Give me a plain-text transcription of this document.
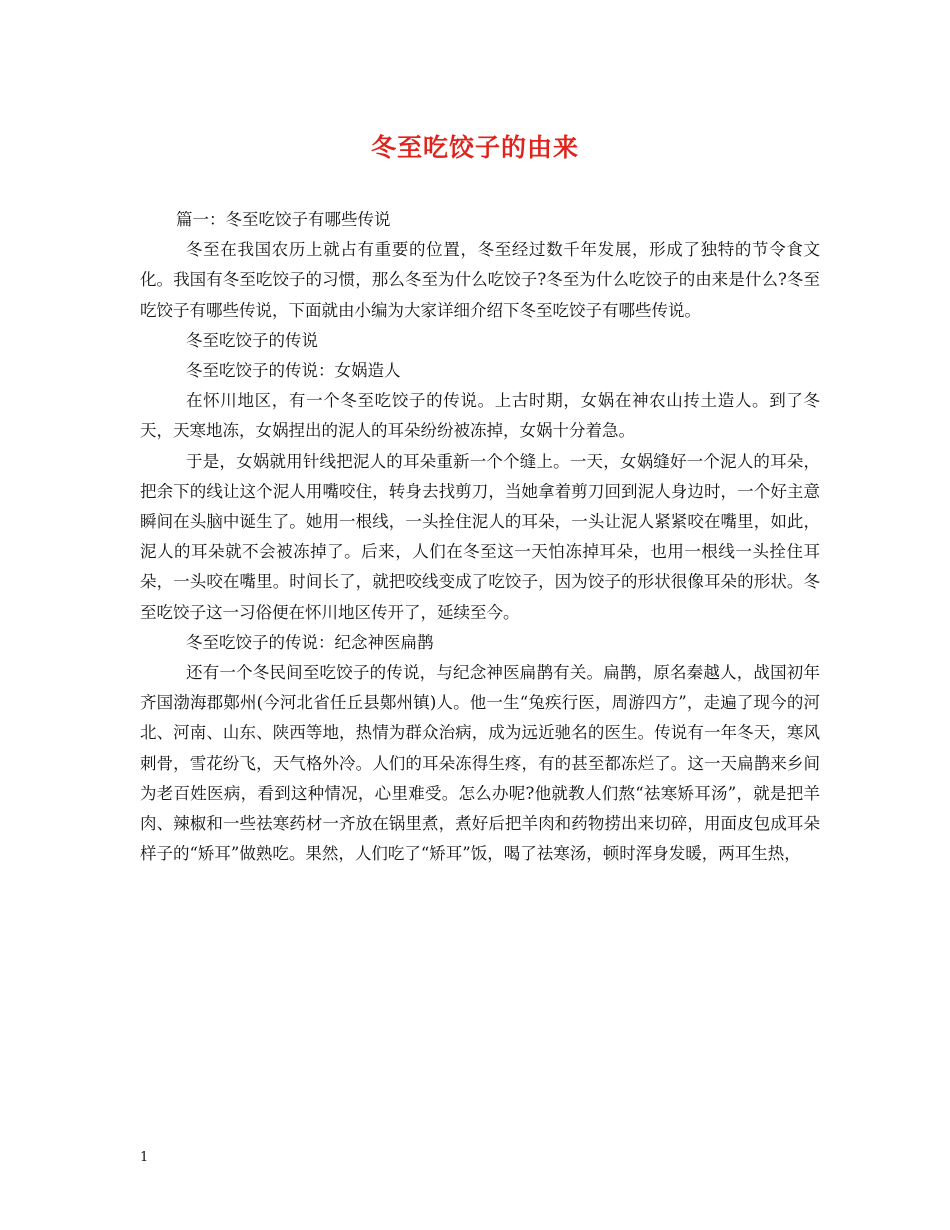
冬至吃饺子的由来

篇一：冬至吃饺子有哪些传说

冬至在我国农历上就占有重要的位置，冬至经过数千年发展，形成了独特的节令食文化。我国有冬至吃饺子的习惯，那么冬至为什么吃饺子?冬至为什么吃饺子的由来是什么?冬至吃饺子有哪些传说，下面就由小编为大家详细介绍下冬至吃饺子有哪些传说。

冬至吃饺子的传说

冬至吃饺子的传说：女娲造人

在怀川地区，有一个冬至吃饺子的传说。上古时期，女娲在神农山抟土造人。到了冬天，天寒地冻，女娲捏出的泥人的耳朵纷纷被冻掉，女娲十分着急。

于是，女娲就用针线把泥人的耳朵重新一个个缝上。一天，女娲缝好一个泥人的耳朵，把余下的线让这个泥人用嘴咬住，转身去找剪刀，当她拿着剪刀回到泥人身边时，一个好主意瞬间在头脑中诞生了。她用一根线，一头拴住泥人的耳朵，一头让泥人紧紧咬在嘴里，如此，泥人的耳朵就不会被冻掉了。后来，人们在冬至这一天怕冻掉耳朵，也用一根线一头拴住耳朵，一头咬在嘴里。时间长了，就把咬线变成了吃饺子，因为饺子的形状很像耳朵的形状。冬至吃饺子这一习俗便在怀川地区传开了，延续至今。

冬至吃饺子的传说：纪念神医扁鹊

还有一个冬民间至吃饺子的传说，与纪念神医扁鹊有关。扁鹊，原名秦越人，战国初年齐国渤海郡鄚州(今河北省任丘县鄚州镇)人。他一生“兔疾行医，周游四方”，走遍了现今的河北、河南、山东、陕西等地，热情为群众治病，成为远近驰名的医生。传说有一年冬天，寒风刺骨，雪花纷飞，天气格外冷。人们的耳朵冻得生疼，有的甚至都冻烂了。这一天扁鹊来乡间为老百姓医病，看到这种情况，心里难受。怎么办呢?他就教人们熬“祛寒矫耳汤”，就是把羊肉、辣椒和一些祛寒药材一齐放在锅里煮，煮好后把羊肉和药物捞出来切碎，用面皮包成耳朵样子的“矫耳”做熟吃。果然，人们吃了“矫耳”饭，喝了祛寒汤，顿时浑身发暖，两耳生热，

1
